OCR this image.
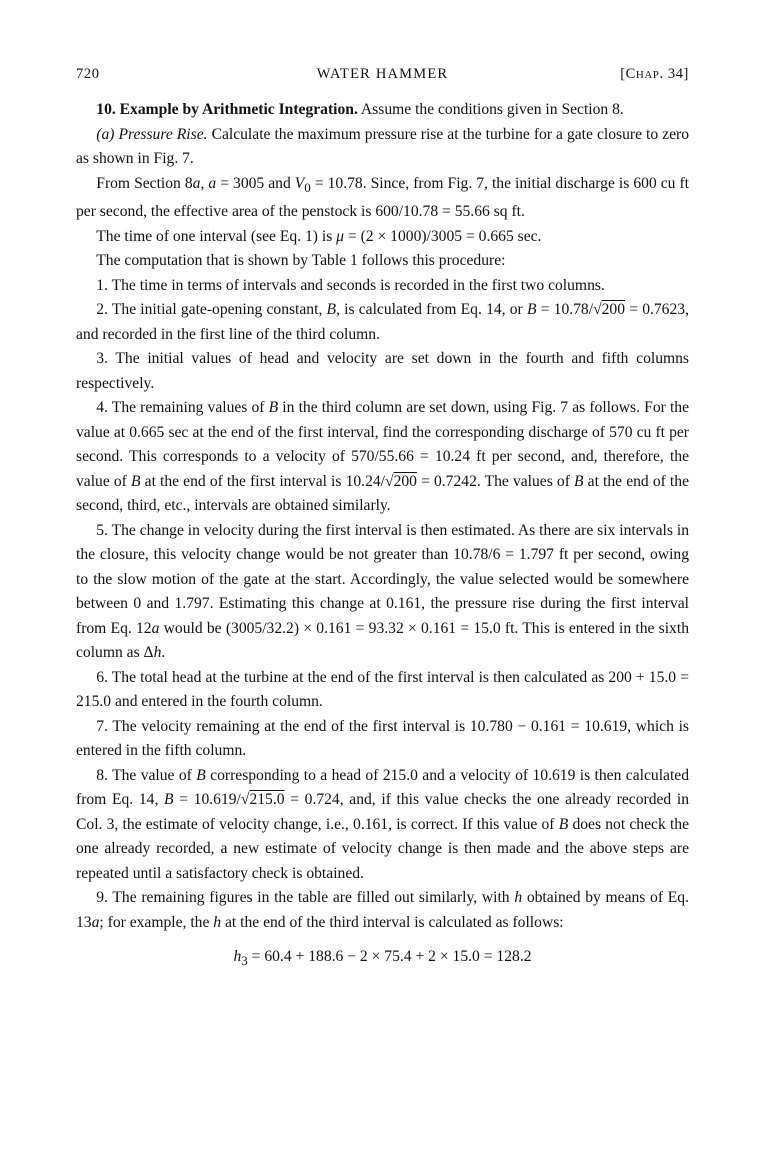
720	WATER HAMMER	[CHAP. 34]

10. Example by Arithmetic Integration. Assume the conditions given in Section 8.

(a) Pressure Rise. Calculate the maximum pressure rise at the turbine for a gate closure to zero as shown in Fig. 7.

From Section 8a, a = 3005 and $V_0 = 10.78$. Since, from Fig. 7, the initial discharge is 600 cu ft per second, the effective area of the penstock is 600/10.78 = 55.66 sq ft.

The time of one interval (see Eq. 1) is μ = (2 × 1000)/3005 = 0.665 sec.

The computation that is shown by Table 1 follows this procedure:

1. The time in terms of intervals and seconds is recorded in the first two columns.

2. The initial gate-opening constant, B, is calculated from Eq. 14, or B = 10.78/√200 = 0.7623, and recorded in the first line of the third column.

3. The initial values of head and velocity are set down in the fourth and fifth columns respectively.

4. The remaining values of B in the third column are set down, using Fig. 7 as follows. For the value at 0.665 sec at the end of the first interval, find the corresponding discharge of 570 cu ft per second. This corresponds to a velocity of 570/55.66 = 10.24 ft per second, and, therefore, the value of B at the end of the first interval is 10.24/√200 = 0.7242. The values of B at the end of the second, third, etc., intervals are obtained similarly.

5. The change in velocity during the first interval is then estimated. As there are six intervals in the closure, this velocity change would be not greater than 10.78/6 = 1.797 ft per second, owing to the slow motion of the gate at the start. Accordingly, the value selected would be somewhere between 0 and 1.797. Estimating this change at 0.161, the pressure rise during the first interval from Eq. 12a would be (3005/32.2) × 0.161 = 93.32 × 0.161 = 15.0 ft. This is entered in the sixth column as Δh.

6. The total head at the turbine at the end of the first interval is then calculated as 200 + 15.0 = 215.0 and entered in the fourth column.

7. The velocity remaining at the end of the first interval is 10.780 − 0.161 = 10.619, which is entered in the fifth column.

8. The value of B corresponding to a head of 215.0 and a velocity of 10.619 is then calculated from Eq. 14, B = 10.619/√215.0 = 0.724, and, if this value checks the one already recorded in Col. 3, the estimate of velocity change, i.e., 0.161, is correct. If this value of B does not check the one already recorded, a new estimate of velocity change is then made and the above steps are repeated until a satisfactory check is obtained.

9. The remaining figures in the table are filled out similarly, with h obtained by means of Eq. 13a; for example, the h at the end of the third interval is calculated as follows:

$h_3 = 60.4 + 188.6 - 2 \times 75.4 + 2 \times 15.0 = 128.2$
